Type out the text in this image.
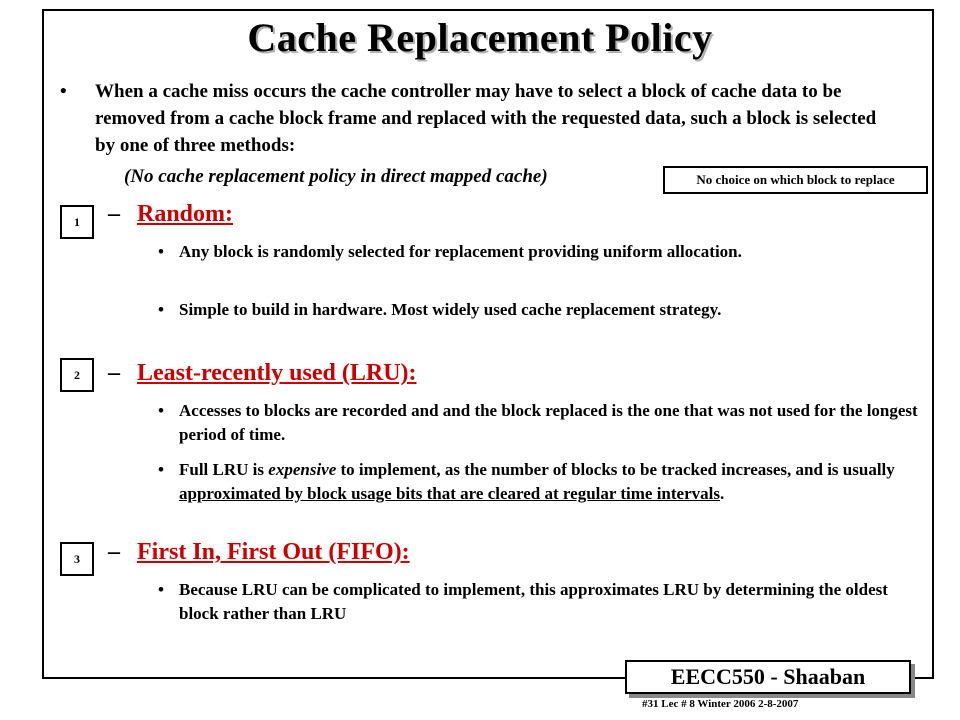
Cache Replacement Policy
• When a cache miss occurs the cache controller may have to select a block of cache data to be removed from a cache block frame and replaced with the requested data, such a block is selected by one of three methods:
(No cache replacement policy in direct mapped cache)	No choice on which block to replace
1	– Random:
• Any block is randomly selected for replacement providing uniform allocation.
• Simple to build in hardware. Most widely used cache replacement strategy.
2	– Least-recently used (LRU):
• Accesses to blocks are recorded and and the block replaced is the one that was not used for the longest period of time.
• Full LRU is expensive to implement, as the number of blocks to be tracked increases, and is usually approximated by block usage bits that are cleared at regular time intervals.
3	– First In, First Out (FIFO):
• Because LRU can be complicated to implement, this approximates LRU by determining the oldest block rather than LRU
EECC550 - Shaaban
#31 Lec # 8 Winter 2006 2-8-2007
